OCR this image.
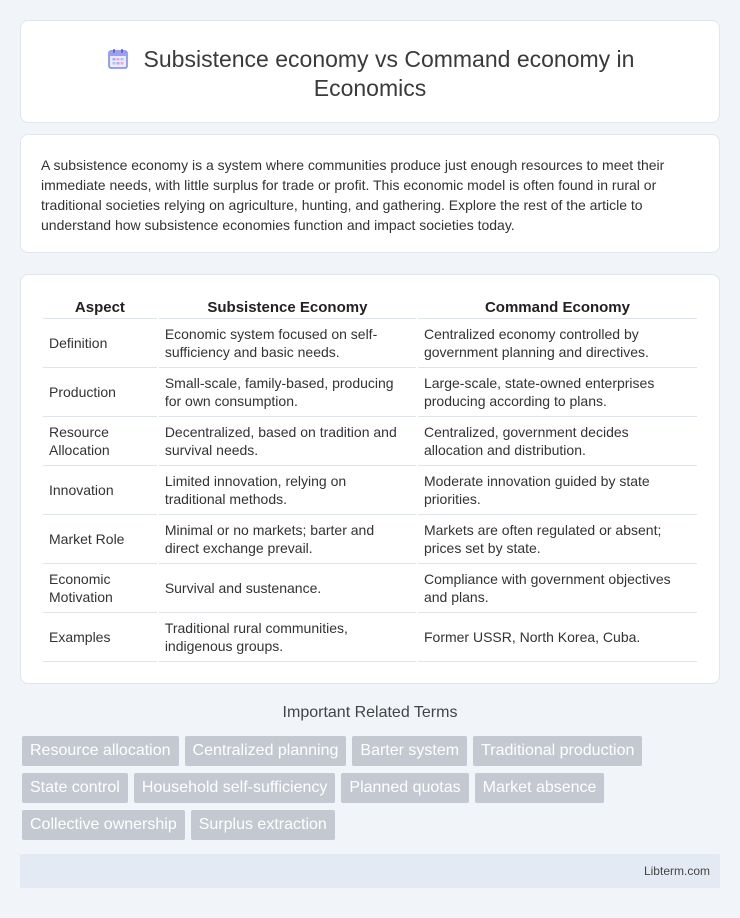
Subsistence economy vs Command economy in Economics

A subsistence economy is a system where communities produce just enough resources to meet their immediate needs, with little surplus for trade or profit. This economic model is often found in rural or traditional societies relying on agriculture, hunting, and gathering. Explore the rest of the article to understand how subsistence economies function and impact societies today.

Aspect	Subsistence Economy	Command Economy
Definition	Economic system focused on self-sufficiency and basic needs.	Centralized economy controlled by government planning and directives.
Production	Small-scale, family-based, producing for own consumption.	Large-scale, state-owned enterprises producing according to plans.
Resource Allocation	Decentralized, based on tradition and survival needs.	Centralized, government decides allocation and distribution.
Innovation	Limited innovation, relying on traditional methods.	Moderate innovation guided by state priorities.
Market Role	Minimal or no markets; barter and direct exchange prevail.	Markets are often regulated or absent; prices set by state.
Economic Motivation	Survival and sustenance.	Compliance with government objectives and plans.
Examples	Traditional rural communities, indigenous groups.	Former USSR, North Korea, Cuba.
Important Related Terms
Resource allocation	Centralized planning	Barter system	Traditional production
State control	Household self-sufficiency	Planned quotas	Market absence
Collective ownership	Surplus extraction
Libterm.com
